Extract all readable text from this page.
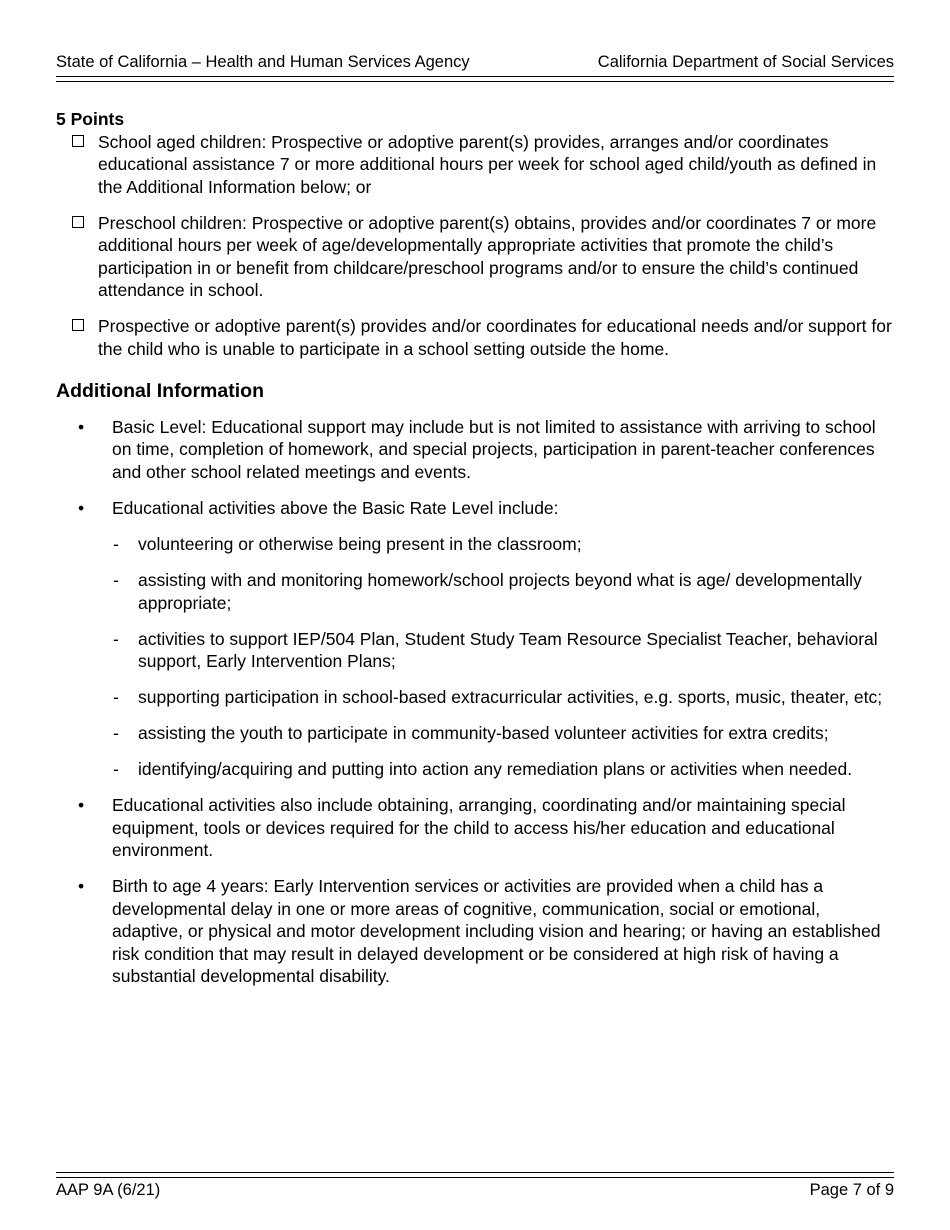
State of California – Health and Human Services Agency	California Department of Social Services
5 Points
School aged children: Prospective or adoptive parent(s) provides, arranges and/or coordinates educational assistance 7 or more additional hours per week for school aged child/youth as defined in the Additional Information below; or
Preschool children: Prospective or adoptive parent(s) obtains, provides and/or coordinates 7 or more additional hours per week of age/developmentally appropriate activities that promote the child’s participation in or benefit from childcare/preschool programs and/or to ensure the child’s continued attendance in school.
Prospective or adoptive parent(s) provides and/or coordinates for educational needs and/or support for the child who is unable to participate in a school setting outside the home.
Additional Information
• Basic Level: Educational support may include but is not limited to assistance with arriving to school on time, completion of homework, and special projects, participation in parent-teacher conferences and other school related meetings and events.
• Educational activities above the Basic Rate Level include:
- volunteering or otherwise being present in the classroom;
- assisting with and monitoring homework/school projects beyond what is age/ developmentally appropriate;
- activities to support IEP/504 Plan, Student Study Team Resource Specialist Teacher, behavioral support, Early Intervention Plans;
- supporting participation in school-based extracurricular activities, e.g. sports, music, theater, etc;
- assisting the youth to participate in community-based volunteer activities for extra credits;
- identifying/acquiring and putting into action any remediation plans or activities when needed.
• Educational activities also include obtaining, arranging, coordinating and/or maintaining special equipment, tools or devices required for the child to access his/her education and educational environment.
• Birth to age 4 years: Early Intervention services or activities are provided when a child has a developmental delay in one or more areas of cognitive, communication, social or emotional, adaptive, or physical and motor development including vision and hearing; or having an established risk condition that may result in delayed development or be considered at high risk of having a substantial developmental disability.
AAP 9A (6/21)	Page 7 of 9
